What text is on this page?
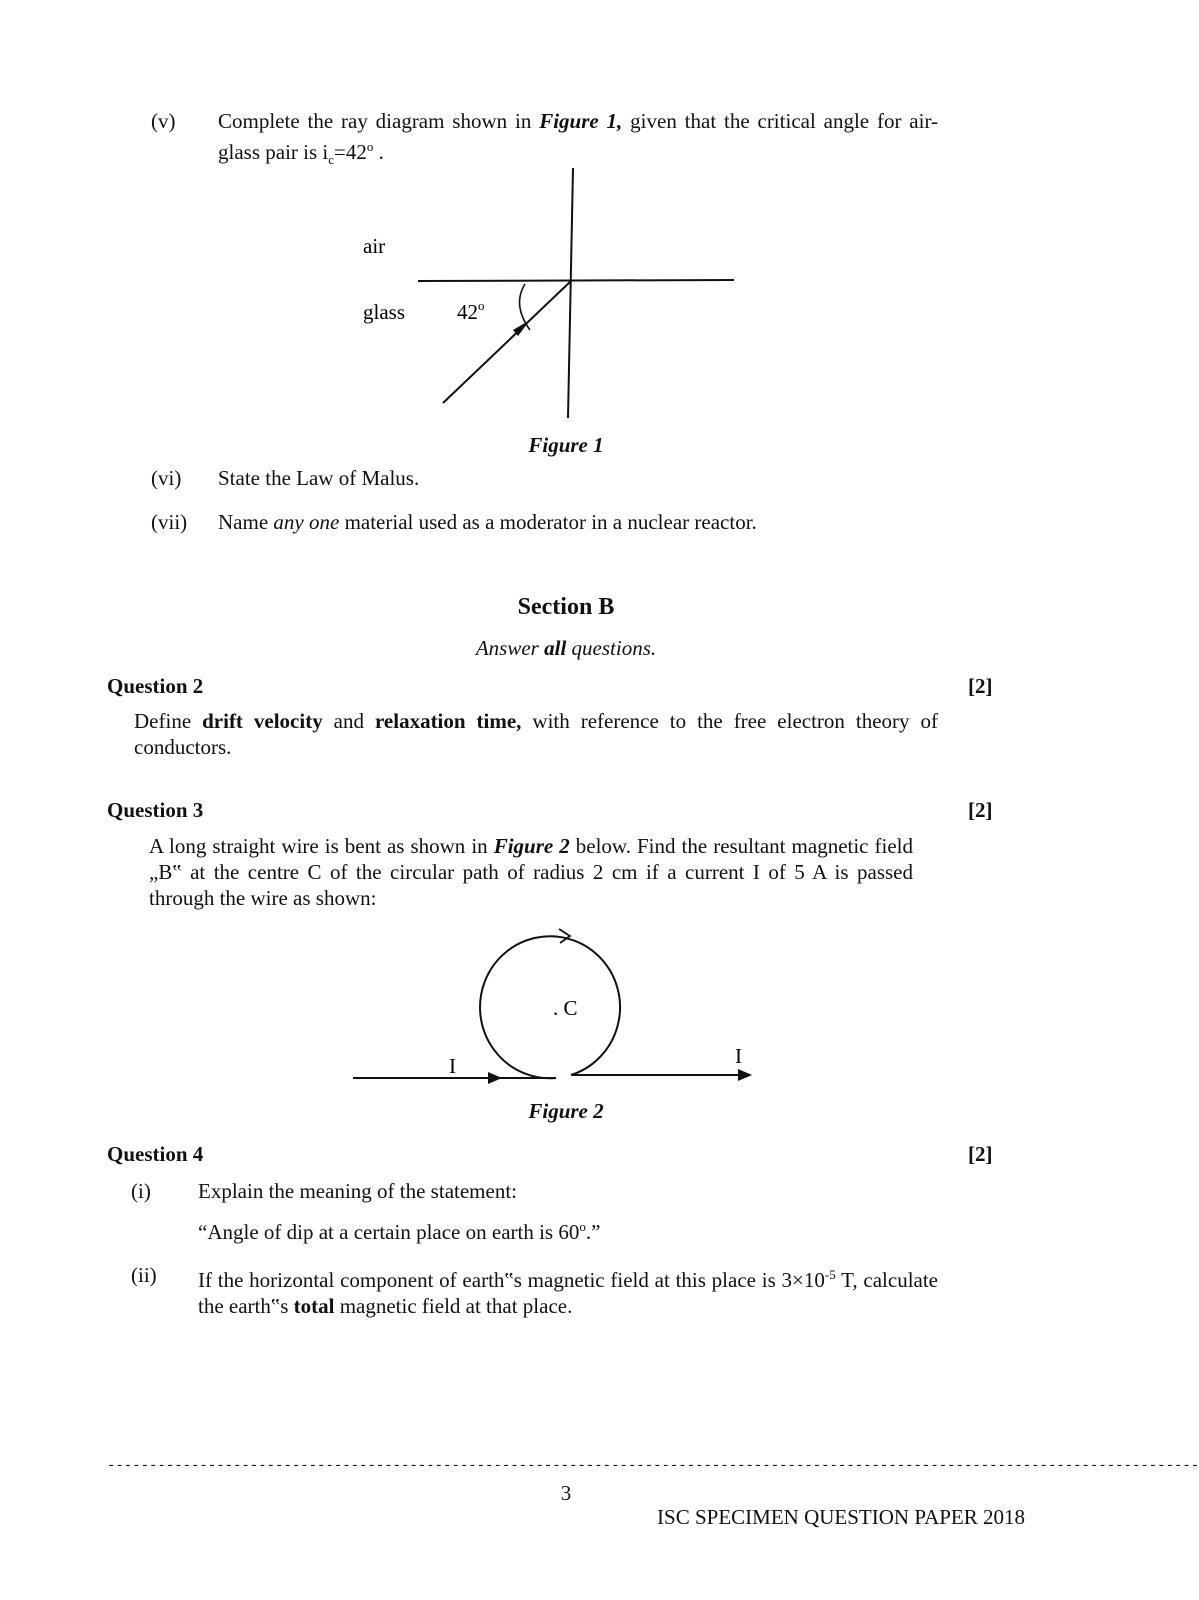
(v) Complete the ray diagram shown in Figure 1, given that the critical angle for air-glass pair is $i_c=42^o$ .
air
glass 42$^o$
Figure 1
(vi) State the Law of Malus.
(vii) Name any one material used as a moderator in a nuclear reactor.
Section B
Answer all questions.
Question 2	[2]
Define drift velocity and relaxation time, with reference to the free electron theory of conductors.
Question 3	[2]
A long straight wire is bent as shown in Figure 2 below. Find the resultant magnetic field „B‟ at the centre C of the circular path of radius 2 cm if a current I of 5 A is passed through the wire as shown:
. C
I	I
Figure 2
Question 4	[2]
(i) Explain the meaning of the statement:
“Angle of dip at a certain place on earth is 60$^o$.”
(ii) If the horizontal component of earth‟s magnetic field at this place is $3\times 10^{-5}$ T, calculate the earth‟s total magnetic field at that place.
----------------------------------------------------------------------------------------------------------------------------------
3
ISC SPECIMEN QUESTION PAPER 2018
